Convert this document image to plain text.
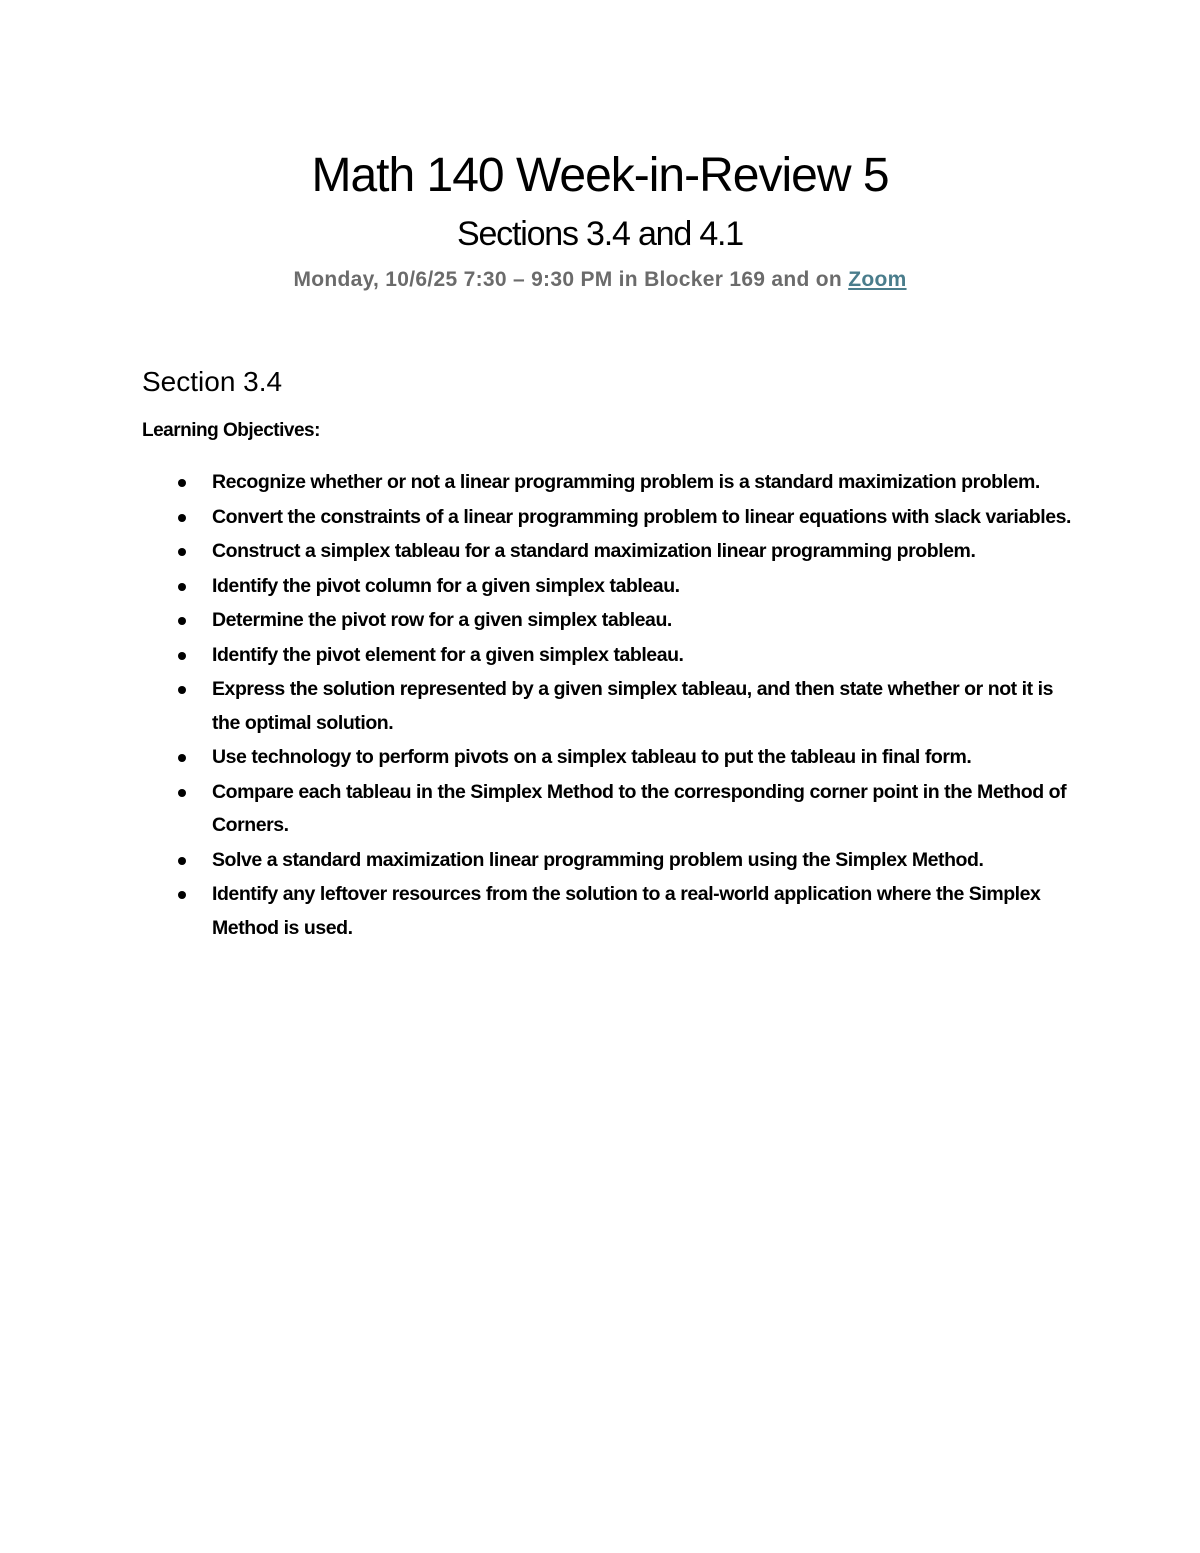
Math 140 Week-in-Review 5
Sections 3.4 and 4.1

Monday, 10/6/25 7:30 – 9:30 PM in Blocker 169 and on Zoom

Section 3.4

Learning Objectives:

Recognize whether or not a linear programming problem is a standard maximization problem.
Convert the constraints of a linear programming problem to linear equations with slack variables.
Construct a simplex tableau for a standard maximization linear programming problem.
Identify the pivot column for a given simplex tableau.
Determine the pivot row for a given simplex tableau.
Identify the pivot element for a given simplex tableau.
Express the solution represented by a given simplex tableau, and then state whether or not it is the optimal solution.
Use technology to perform pivots on a simplex tableau to put the tableau in final form.
Compare each tableau in the Simplex Method to the corresponding corner point in the Method of Corners.
Solve a standard maximization linear programming problem using the Simplex Method.
Identify any leftover resources from the solution to a real-world application where the Simplex Method is used.
